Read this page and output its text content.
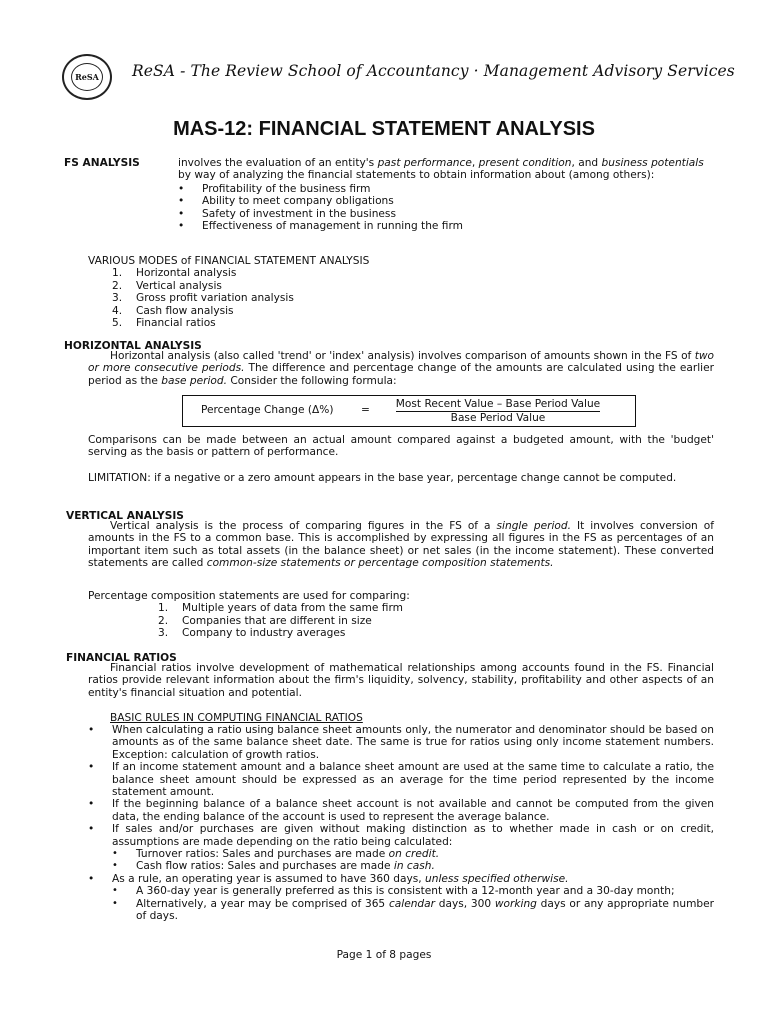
ReSA ReSA - The Review School of Accountancy · Management Advisory Services
MAS-12: FINANCIAL STATEMENT ANALYSIS
FS ANALYSIS	involves the evaluation of an entity's past performance, present condition, and business potentials by way of analyzing the financial statements to obtain information about (among others):
• Profitability of the business firm
• Ability to meet company obligations
• Safety of investment in the business
• Effectiveness of management in running the firm
VARIOUS MODES of FINANCIAL STATEMENT ANALYSIS
1. Horizontal analysis
2. Vertical analysis
3. Gross profit variation analysis
4. Cash flow analysis
5. Financial ratios
HORIZONTAL ANALYSIS
Horizontal analysis (also called 'trend' or 'index' analysis) involves comparison of amounts shown in the FS of two or more consecutive periods. The difference and percentage change of the amounts are calculated using the earlier period as the base period. Consider the following formula:
Percentage Change (Δ%)	=	Most Recent Value – Base Period Value
Base Period Value
Comparisons can be made between an actual amount compared against a budgeted amount, with the 'budget' serving as the basis or pattern of performance.
LIMITATION: if a negative or a zero amount appears in the base year, percentage change cannot be computed.
VERTICAL ANALYSIS
Vertical analysis is the process of comparing figures in the FS of a single period. It involves conversion of amounts in the FS to a common base. This is accomplished by expressing all figures in the FS as percentages of an important item such as total assets (in the balance sheet) or net sales (in the income statement). These converted statements are called common-size statements or percentage composition statements.
Percentage composition statements are used for comparing:
1. Multiple years of data from the same firm
2. Companies that are different in size
3. Company to industry averages
FINANCIAL RATIOS
Financial ratios involve development of mathematical relationships among accounts found in the FS. Financial ratios provide relevant information about the firm's liquidity, solvency, stability, profitability and other aspects of an entity's financial situation and potential.
BASIC RULES IN COMPUTING FINANCIAL RATIOS
• When calculating a ratio using balance sheet amounts only, the numerator and denominator should be based on amounts as of the same balance sheet date. The same is true for ratios using only income statement numbers. Exception: calculation of growth ratios.
• If an income statement amount and a balance sheet amount are used at the same time to calculate a ratio, the balance sheet amount should be expressed as an average for the time period represented by the income statement amount.
• If the beginning balance of a balance sheet account is not available and cannot be computed from the given data, the ending balance of the account is used to represent the average balance.
• If sales and/or purchases are given without making distinction as to whether made in cash or on credit, assumptions are made depending on the ratio being calculated:
• Turnover ratios: Sales and purchases are made on credit.
• Cash flow ratios: Sales and purchases are made in cash.
• As a rule, an operating year is assumed to have 360 days, unless specified otherwise.
• A 360-day year is generally preferred as this is consistent with a 12-month year and a 30-day month;
• Alternatively, a year may be comprised of 365 calendar days, 300 working days or any appropriate number of days.
Page 1 of 8 pages
